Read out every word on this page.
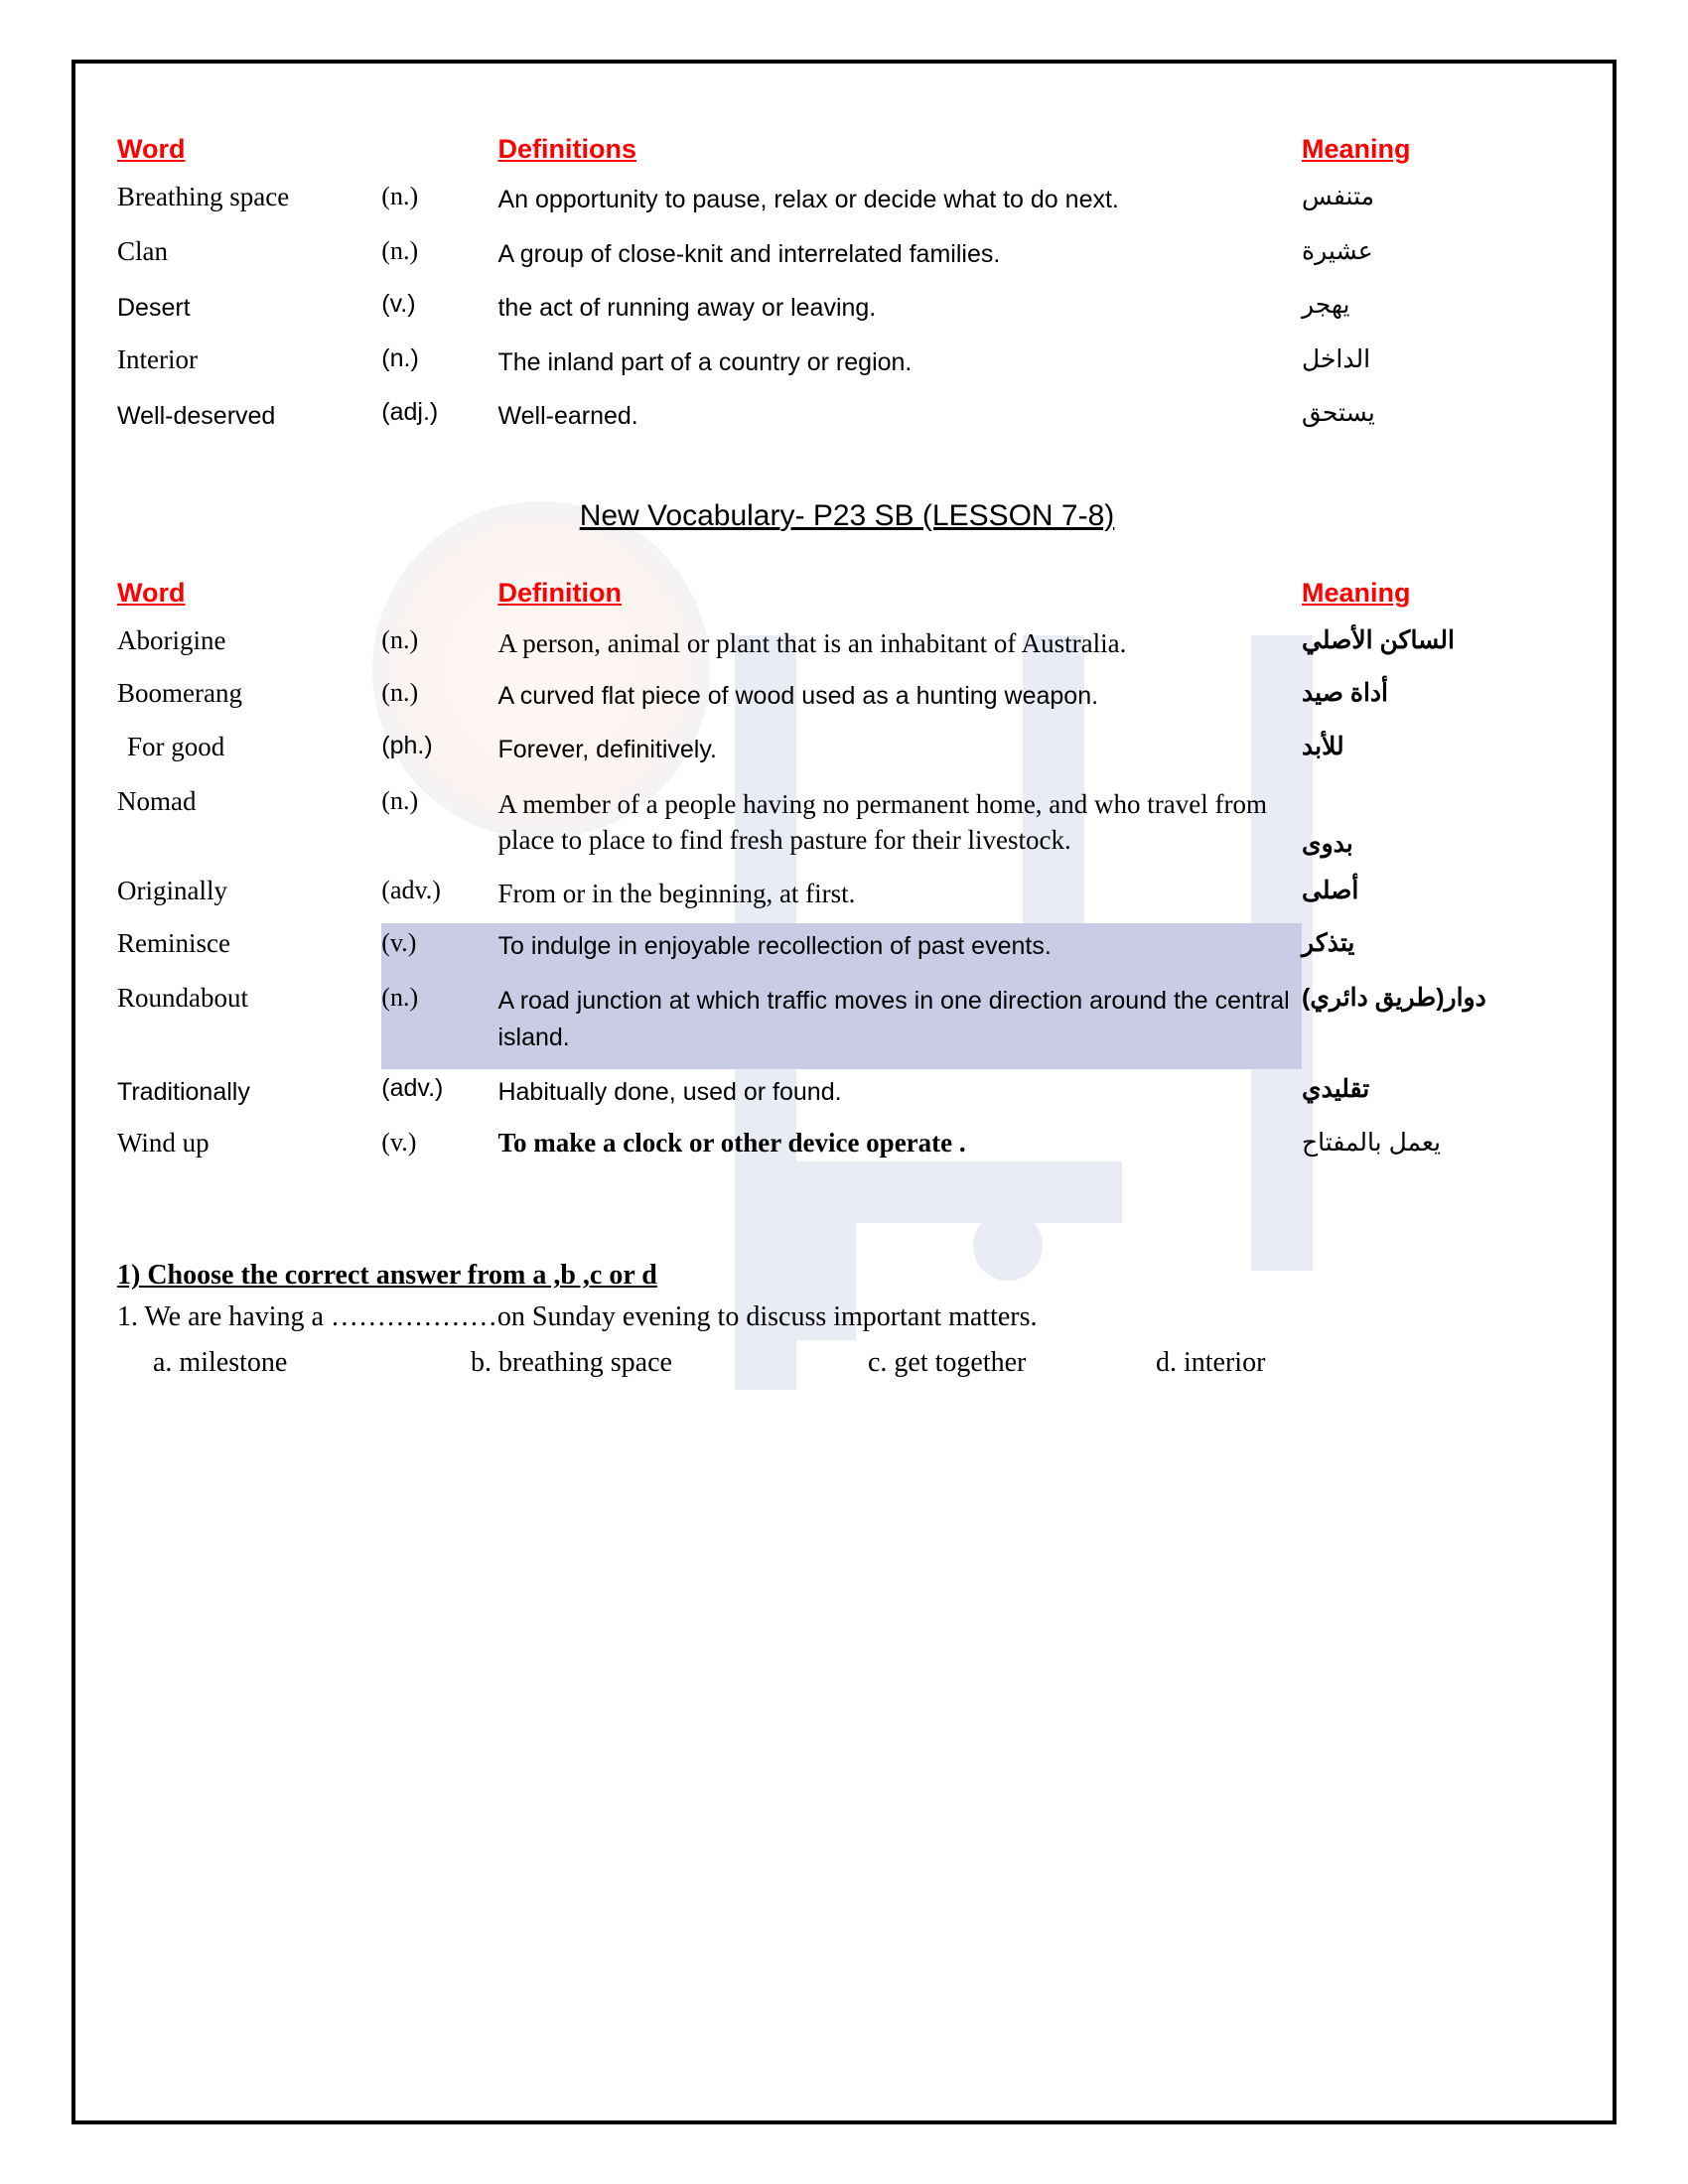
Word		Definitions	Meaning
Breathing space	(n.)	An opportunity to pause, relax or decide what to do next.	متنفس
Clan	(n.)	A group of close-knit and interrelated families.	عشيرة
Desert	(v.)	the act of running away or leaving.	يهجر
Interior	(n.)	The inland part of a country or region.	الداخل
Well-deserved	(adj.)	Well-earned.	يستحق
New Vocabulary- P23 SB (LESSON 7-8)
Word		Definition	Meaning
Aborigine	(n.)	A person, animal or plant that is an inhabitant of Australia.	الساكن الأصلي
Boomerang	(n.)	A curved flat piece of wood used as a hunting weapon.	أداة صيد
For good	(ph.)	Forever, definitively.	للأبد
Nomad	(n.)	A member of a people having no permanent home, and who travel from place to place to find fresh pasture for their livestock.	بدوى
Originally	(adv.)	From or in the beginning, at first.	أصلى
Reminisce	(v.)	To indulge in enjoyable recollection of past events.	يتذكر
Roundabout	(n.)	A road junction at which traffic moves in one direction around the central island.	دوار(طريق دائري)
Traditionally	(adv.)	Habitually done, used or found.	تقليدي
Wind up	(v.)	To make a clock or other device operate .	يعمل بالمفتاح
1) Choose the correct answer from a ,b ,c or d
1. We are having a ………………on Sunday evening to discuss important matters.
a. milestone	b. breathing space	c. get together	d. interior
